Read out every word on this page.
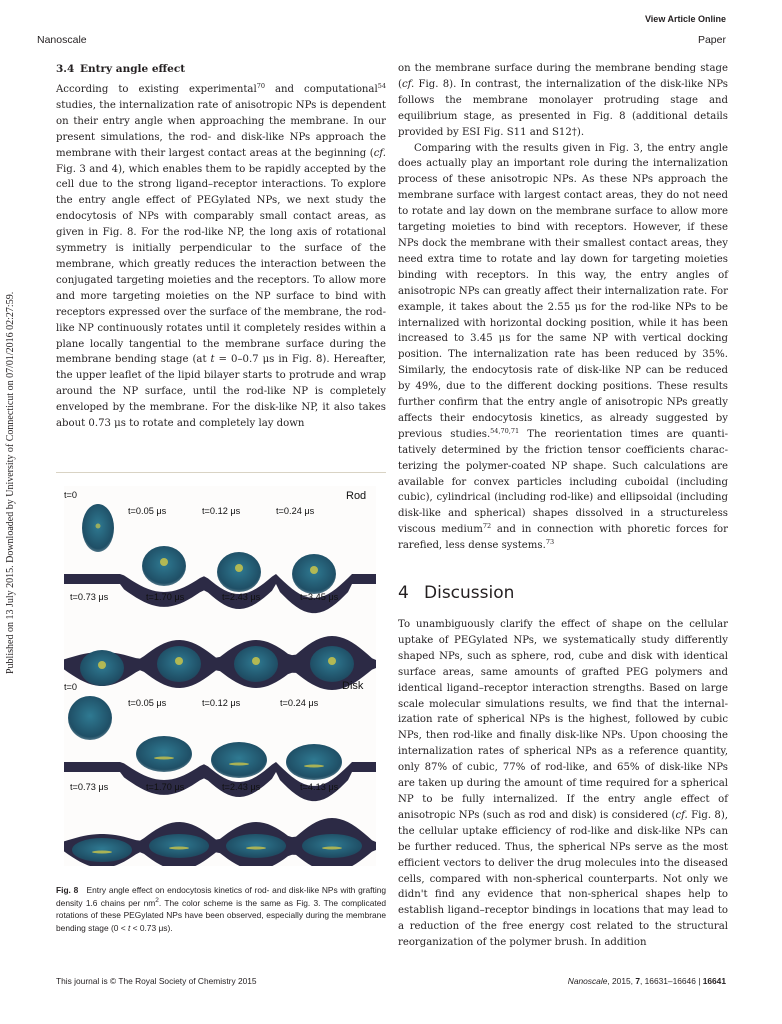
View Article Online
Nanoscale	Paper
Published on 13 July 2015. Downloaded by University of Connecticut on 07/01/2016 02:27:59.
3.4 Entry angle effect

According to existing experimental$^{70}$ and computational$^{54}$ studies, the internalization rate of anisotropic NPs is dependent on their entry angle when approaching the membrane. In our present simulations, the rod- and disk-like NPs approach the membrane with their largest contact areas at the beginning (cf. Fig. 3 and 4), which enables them to be rapidly accepted by the cell due to the strong ligand–receptor interactions. To explore the entry angle effect of PEGylated NPs, we next study the endocytosis of NPs with comparably small contact areas, as given in Fig. 8. For the rod-like NP, the long axis of rotational symmetry is initially perpendicular to the surface of the membrane, which greatly reduces the interaction between the conjugated targeting moieties and the receptors. To allow more and more targeting moieties on the NP surface to bind with receptors expressed over the surface of the membrane, the rod-like NP continuously rotates until it completely resides within a plane locally tangential to the membrane surface during the membrane bending stage (at t = 0–0.7 μs in Fig. 8). Hereafter, the upper leaflet of the lipid bilayer starts to protrude and wrap around the NP surface, until the rod-like NP is completely enveloped by the membrane. For the disk-like NP, it also takes about 0.73 μs to rotate and completely lay down

on the membrane surface during the membrane bending stage (cf. Fig. 8). In contrast, the internalization of the disk-like NPs follows the membrane monolayer protruding stage and equilibrium stage, as presented in Fig. 8 (additional details provided by ESI Fig. S11 and S12†).

Comparing with the results given in Fig. 3, the entry angle does actually play an important role during the internalization process of these anisotropic NPs. As these NPs approach the membrane surface with largest contact areas, they do not need to rotate and lay down on the membrane surface to allow more targeting moieties to bind with receptors. However, if these NPs dock the membrane with their smallest contact areas, they need extra time to rotate and lay down for targeting moieties binding with receptors. In this way, the entry angles of anisotropic NPs can greatly affect their internalization rate. For example, it takes about the 2.55 μs for the rod-like NPs to be internalized with horizontal docking position, while it has been increased to 3.45 μs for the same NP with vertical docking position. The internalization rate has been reduced by 35%. Similarly, the endocytosis rate of disk-like NP can be reduced by 49%, due to the different docking positions. These results further confirm that the entry angle of anisotropic NPs greatly affects their endocytosis kinetics, as already suggested by previous studies.$^{54,70,71}$ The reorientation times are quantitatively determined by the friction tensor coefficients characterizing the polymer-coated NP shape. Such calculations are available for convex particles including cuboidal (including cubic), cylindrical (including rod-like) and ellipsoidal (including disk-like and spherical) shapes dissolved in a structureless viscous medium$^{72}$ and in connection with phoretic forces for rarefied, less dense systems.$^{73}$

4 Discussion

To unambiguously clarify the effect of shape on the cellular uptake of PEGylated NPs, we systematically study differently shaped NPs, such as sphere, rod, cube and disk with identical surface areas, same amounts of grafted PEG polymers and identical ligand–receptor interaction strengths. Based on large scale molecular simulations results, we find that the internalization rate of spherical NPs is the highest, followed by cubic NPs, then rod-like and finally disk-like NPs. Upon choosing the internalization rates of spherical NPs as a reference quantity, only 87% of cubic, 77% of rod-like, and 65% of disk-like NPs are taken up during the amount of time required for a spherical NP to be fully internalized. If the entry angle effect of anisotropic NPs (such as rod and disk) is considered (cf. Fig. 8), the cellular uptake efficiency of rod-like and disk-like NPs can be further reduced. Thus, the spherical NPs serve as the most efficient vectors to deliver the drug molecules into the diseased cells, compared with non-spherical counterparts. Not only we didn't find any evidence that non-spherical shapes help to establish ligand–receptor bindings in locations that may lead to a reduction of the free energy cost related to the structural reorganization of the polymer brush. In addition

Rod
Disk
t=0
t=0.05 μs	t=0.12 μs	t=0.24 μs
t=0.73 μs	t=1.70 μs	t=2.43 μs	t=3.45 μs
t=0
t=0.05 μs	t=0.12 μs	t=0.24 μs
t=0.73 μs	t=1.70 μs	t=2.43 μs	t=4.13 μs
Fig. 8 Entry angle effect on endocytosis kinetics of rod- and disk-like NPs with grafting density 1.6 chains per $nm^2$. The color scheme is the same as Fig. 3. The complicated rotations of these PEGylated NPs have been observed, especially during the membrane bending stage (0 < t < 0.73 μs).
This journal is © The Royal Society of Chemistry 2015	Nanoscale, 2015, 7, 16631–16646 | 16641
